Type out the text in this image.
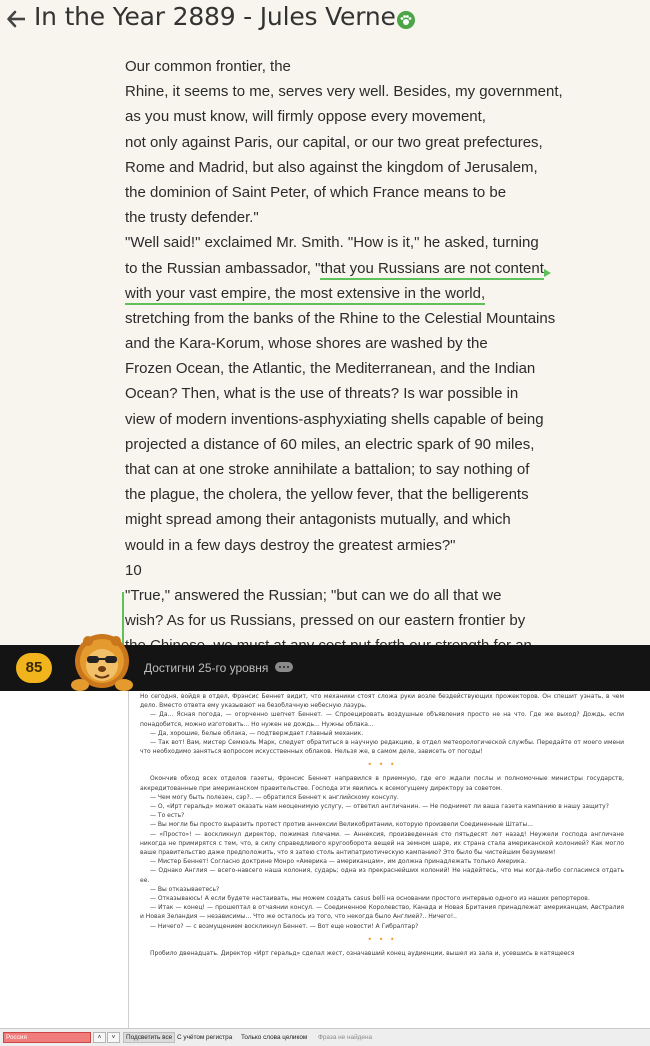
In the Year 2889 - Jules Verne
Our common frontier, the
Rhine, it seems to me, serves very well. Besides, my government,
as you must know, will firmly oppose every movement,
not only against Paris, our capital, or our two great prefectures,
Rome and Madrid, but also against the kingdom of Jerusalem,
the dominion of Saint Peter, of which France means to be
the trusty defender."
"Well said!" exclaimed Mr. Smith. "How is it," he asked, turning
to the Russian ambassador, "that you Russians are not content
with your vast empire, the most extensive in the world,
stretching from the banks of the Rhine to the Celestial Mountains
and the Kara-Korum, whose shores are washed by the
Frozen Ocean, the Atlantic, the Mediterranean, and the Indian
Ocean? Then, what is the use of threats? Is war possible in
view of modern inventions-asphyxiating shells capable of being
projected a distance of 60 miles, an electric spark of 90 miles,
that can at one stroke annihilate a battalion; to say nothing of
the plague, the cholera, the yellow fever, that the belligerents
might spread among their antagonists mutually, and which
would in a few days destroy the greatest armies?"
10
"True," answered the Russian; "but can we do all that we
wish? As for us Russians, pressed on our eastern frontier by
85	Достигни 25-го уровня
Но сегодня, войдя в отдел, Фрэнсис Беннет видит, что механики стоят сложа руки возле бездействующих прожекторов. Он спешит узнать, в чем дело. Вместо ответа ему указывают на безоблачную небесную лазурь.
— Да... Ясная погода, — огорченно шепчет Беннет. — Спроецировать воздушные объявления просто не на что. Где же выход? Дождь, если понадобится, можно изготовить... Но нужен не дождь... Нужны облака...
— Да, хорошие, белые облака, — подтверждает главный механик.
— Так вот! Вам, мистер Семюэль Марк, следует обратиться в научную редакцию, в отдел метеорологической службы. Передайте от моего имени что необходимо заняться вопросом искусственных облаков. Нельзя же, в самом деле, зависеть от погоды!
• • •
Окончив обход всех отделов газеты, Фрэнсис Беннет направился в приемную, где его ждали послы и полномочные министры государств, аккредитованные при американском правительстве. Господа эти явились к всемогущему директору за советом.
— Чем могу быть полезен, сэр?.. — обратился Беннет к английскому консулу.
— О, «Ирт геральд» может оказать нам неоценимую услугу, — ответил англичанин. — Не поднимет ли ваша газета кампанию в нашу защиту?
— То есть?
— Вы могли бы просто выразить протест против аннексии Великобритании, которую произвели Соединенные Штаты...
— «Просто»! — воскликнул директор, пожимая плечами. — Аннексия, произведенная сто пятьдесят лет назад! Неужели господа англичане никогда не примирятся с тем, что, в силу справедливого кругооборота вещей на земном шаре, их страна стала американской колонией? Как могло ваше правительство даже предположить, что я затею столь антипатриотическую кампанию? Это было бы чистейшим безумием!
— Мистер Беннет! Согласно доктрине Монро «Америка — американцам», им должна принадлежать только Америка.
— Однако Англия — всего-навсего наша колония, сударь; одна из прекраснейших колоний! Не надейтесь, что мы когда-либо согласимся отдать ее.
— Вы отказываетесь?
— Отказываюсь! А если будете настаивать, мы можем создать casus belli на основании простого интервью одного из наших репортеров.
— Итак — конец! — прошептал в отчаянии консул. — Соединенное Королевство, Канада и Новая Британия принадлежат американцам, Австралия и Новая Зеландия — независимы... Что же осталось из того, что некогда было Англией?.. Ничего!..
— Ничего? — с возмущением воскликнул Беннет. — Вот еще новости! А Гибралтар?
• • •
Пробило двенадцать. Директор «Ирт геральд» сделал жест, означавший конец аудиенции, вышел из зала и, усевшись в катящееся
Россия	˄	˅	Подсветить все С учётом регистра Только слова целиком Фраза не найдена
